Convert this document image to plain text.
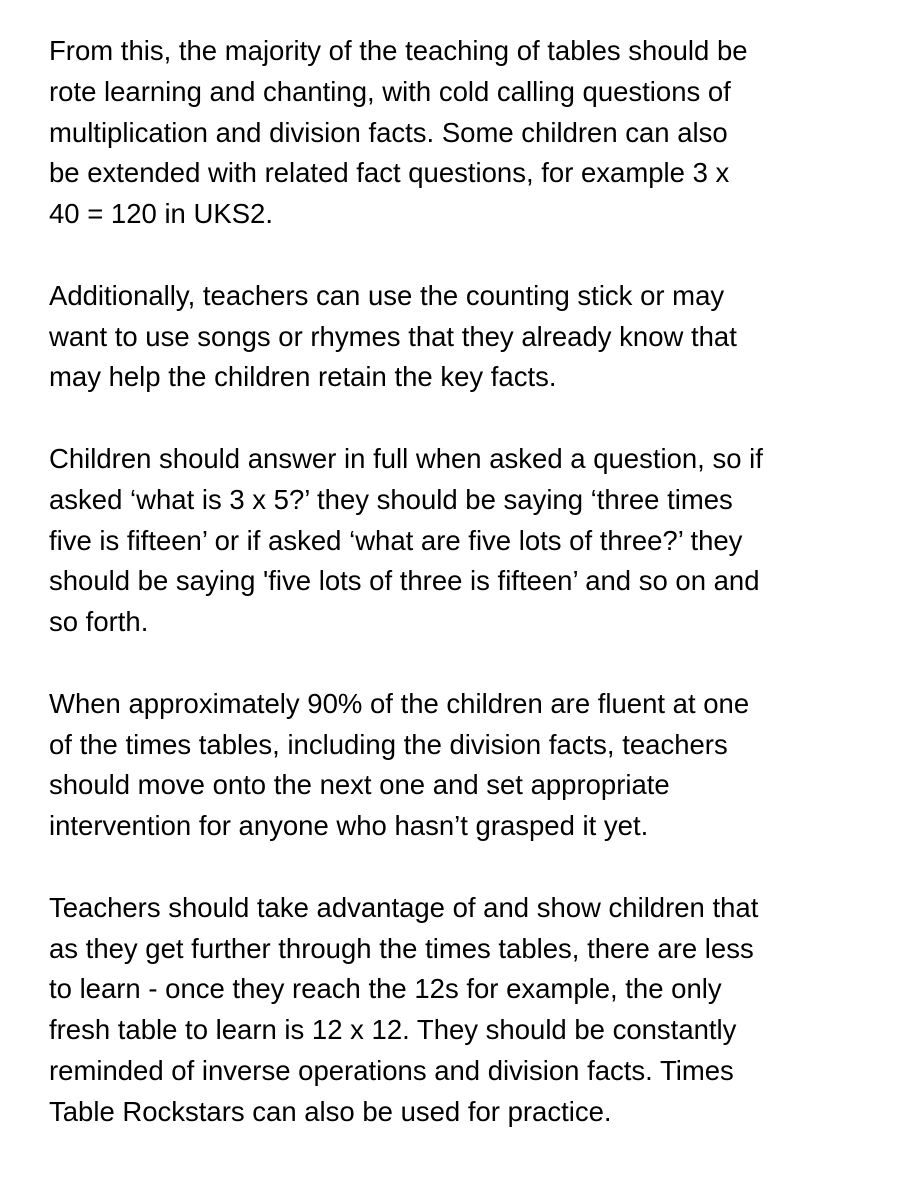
From this, the majority of the teaching of tables should be
rote learning and chanting, with cold calling questions of
multiplication and division facts. Some children can also
be extended with related fact questions, for example 3 x
40 = 120 in UKS2.

Additionally, teachers can use the counting stick or may
want to use songs or rhymes that they already know that
may help the children retain the key facts.

Children should answer in full when asked a question, so if
asked ‘what is 3 x 5?’ they should be saying ‘three times
five is fifteen’ or if asked ‘what are five lots of three?’ they
should be saying 'five lots of three is fifteen’ and so on and
so forth.

When approximately 90% of the children are fluent at one
of the times tables, including the division facts, teachers
should move onto the next one and set appropriate
intervention for anyone who hasn’t grasped it yet.

Teachers should take advantage of and show children that
as they get further through the times tables, there are less
to learn - once they reach the 12s for example, the only
fresh table to learn is 12 x 12. They should be constantly
reminded of inverse operations and division facts. Times
Table Rockstars can also be used for practice.
